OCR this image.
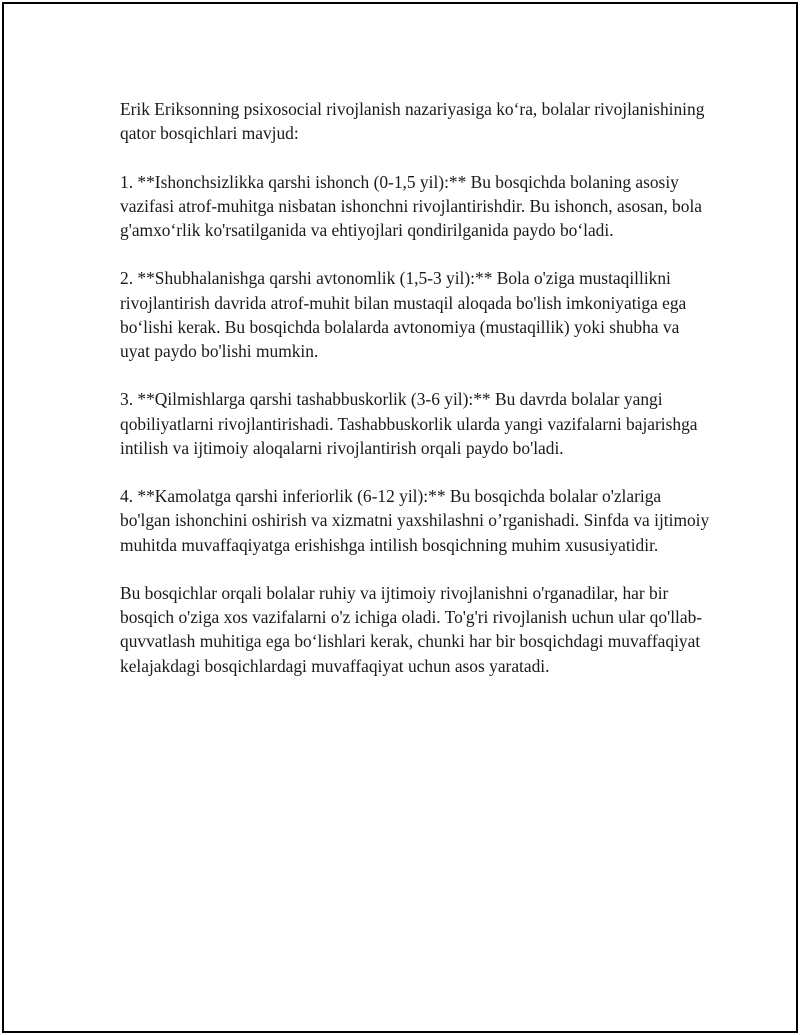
Erik Eriksonning psixosocial rivojlanish nazariyasiga ko‘ra, bolalar rivojlanishining qator bosqichlari mavjud:

1. **Ishonchsizlikka qarshi ishonch (0-1,5 yil):** Bu bosqichda bolaning asosiy vazifasi atrof-muhitga nisbatan ishonchni rivojlantirishdir. Bu ishonch, asosan, bola g'amxo‘rlik ko'rsatilganida va ehtiyojlari qondirilganida paydo bo‘ladi.

2. **Shubhalanishga qarshi avtonomlik (1,5-3 yil):** Bola o'ziga mustaqillikni rivojlantirish davrida atrof-muhit bilan mustaqil aloqada bo'lish imkoniyatiga ega bo‘lishi kerak. Bu bosqichda bolalarda avtonomiya (mustaqillik) yoki shubha va uyat paydo bo'lishi mumkin.

3. **Qilmishlarga qarshi tashabbuskorlik (3-6 yil):** Bu davrda bolalar yangi qobiliyatlarni rivojlantirishadi. Tashabbuskorlik ularda yangi vazifalarni bajarishga intilish va ijtimoiy aloqalarni rivojlantirish orqali paydo bo'ladi.

4. **Kamolatga qarshi inferiorlik (6-12 yil):** Bu bosqichda bolalar o'zlariga bo'lgan ishonchini oshirish va xizmatni yaxshilashni o’rganishadi. Sinfda va ijtimoiy muhitda muvaffaqiyatga erishishga intilish bosqichning muhim xususiyatidir.

Bu bosqichlar orqali bolalar ruhiy va ijtimoiy rivojlanishni o'rganadilar, har bir bosqich o'ziga xos vazifalarni o'z ichiga oladi. To'g'ri rivojlanish uchun ular qo'llab-quvvatlash muhitiga ega bo‘lishlari kerak, chunki har bir bosqichdagi muvaffaqiyat kelajakdagi bosqichlardagi muvaffaqiyat uchun asos yaratadi.
